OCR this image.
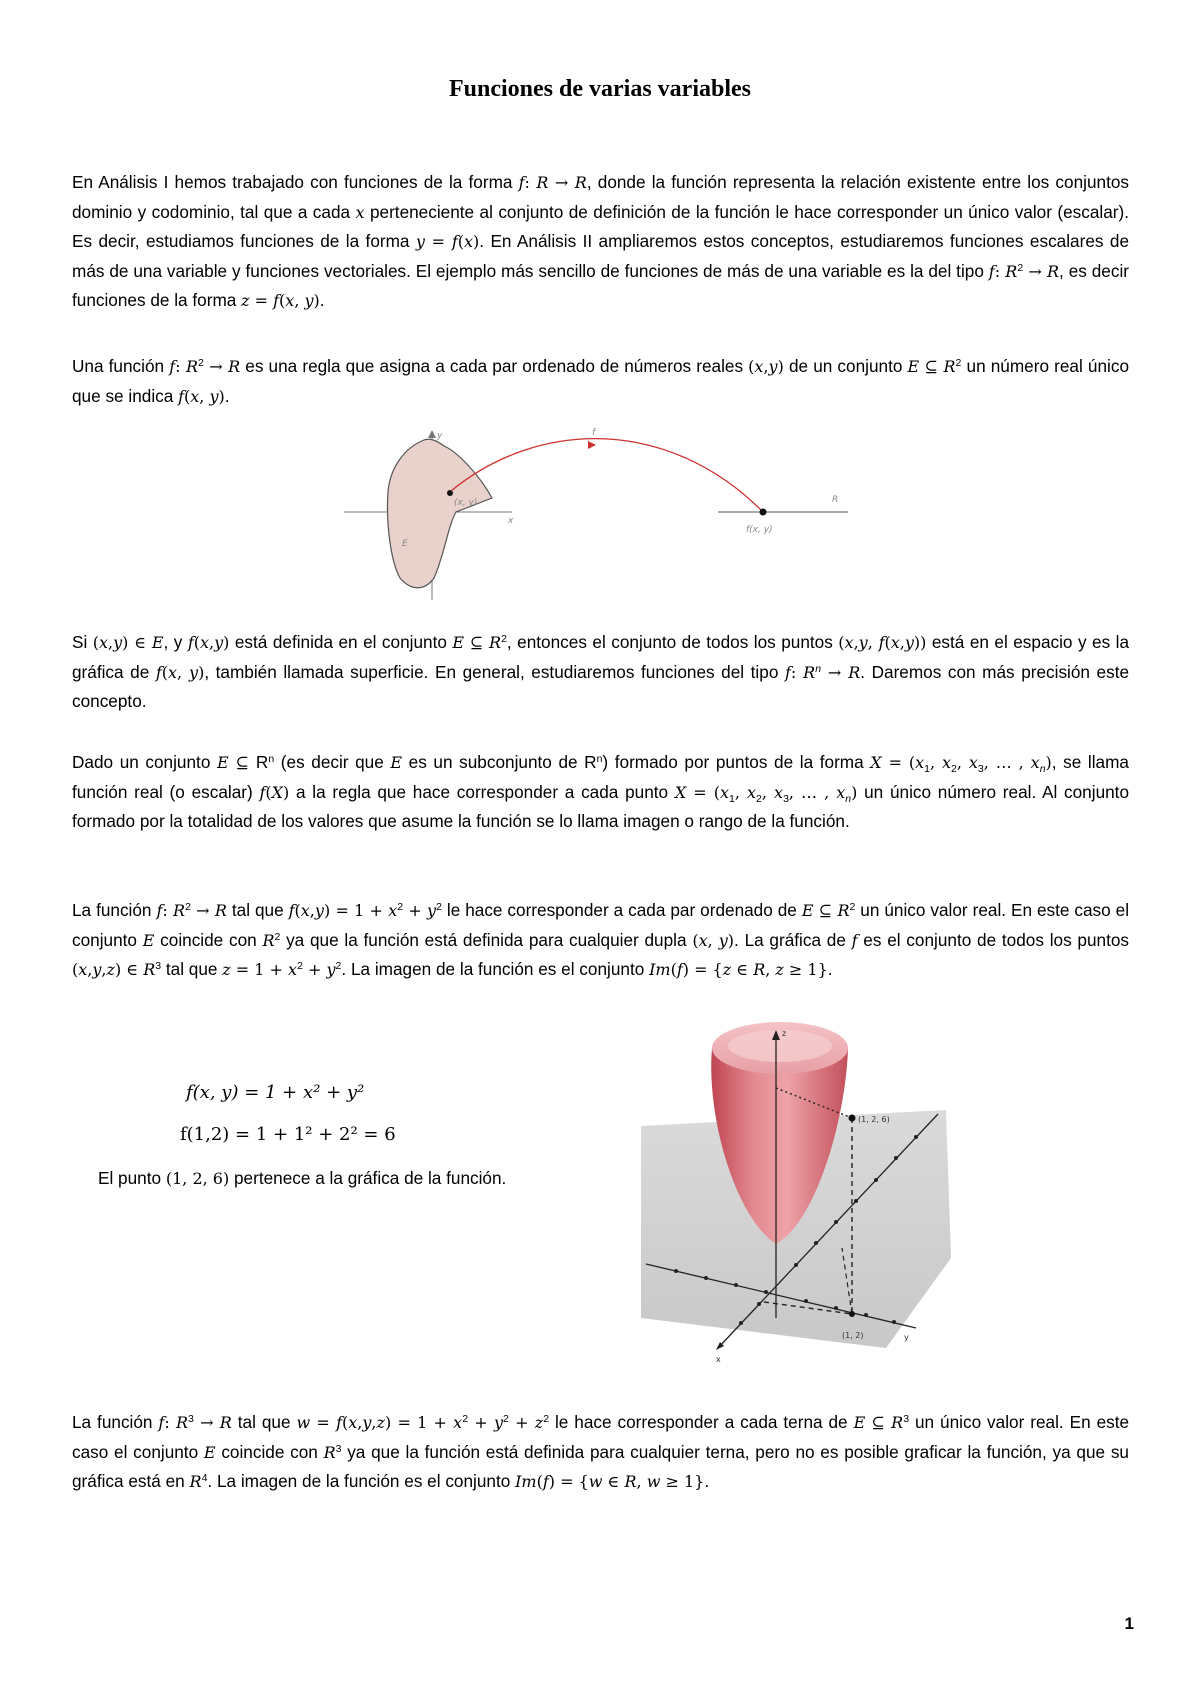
Funciones de varias variables
En Análisis I hemos trabajado con funciones de la forma f: R → R, donde la función representa la relación existente entre los conjuntos dominio y codominio, tal que a cada x perteneciente al conjunto de definición de la función le hace corresponder un único valor (escalar). Es decir, estudiamos funciones de la forma y = f(x). En Análisis II ampliaremos estos conceptos, estudiaremos funciones escalares de más de una variable y funciones vectoriales. El ejemplo más sencillo de funciones de más de una variable es la del tipo f: $R^2 \to R$, es decir funciones de la forma z = f(x, y).
Una función f: $R^2 \to R$ es una regla que asigna a cada par ordenado de números reales (x,y) de un conjunto E ⊆ $R^2$ un número real único que se indica f(x, y).
y
x
E
(x, y)
f
R
f(x, y)
Si (x,y) ∈ E, y f(x,y) está definida en el conjunto E ⊆ $R^2$, entonces el conjunto de todos los puntos (x,y, f(x,y)) está en el espacio y es la gráfica de f(x, y), también llamada superficie. En general, estudiaremos funciones del tipo f: $R^n \to R$. Daremos con más precisión este concepto.
Dado un conjunto E ⊆ $R^n$ (es decir que E es un subconjunto de $R^n$) formado por puntos de la forma $X = (x_1$, $x_2$, $x_3$, … , $x_n$), se llama función real (o escalar) f(X) a la regla que hace corresponder a cada punto $X = (x_1$, $x_2$, $x_3$, … , $x_n$) un único número real. Al conjunto formado por la totalidad de los valores que asume la función se lo llama imagen o rango de la función.
La función f: $R^2 \to R$ tal que $f(x,y) = 1 + x^2 + y^2$ le hace corresponder a cada par ordenado de E ⊆ $R^2$ un único valor real. En este caso el conjunto E coincide con $R^2$ ya que la función está definida para cualquier dupla (x, y). La gráfica de f es el conjunto de todos los puntos (x,y,z) ∈ $R^3$ tal que $z = 1 + x^2 + y^2$. La imagen de la función es el conjunto Im(f) = {z ∈ R, z ≥ 1}.
f(x, y) = 1 + x² + y²
f(1,2) = 1 + 1² + 2² = 6
El punto (1, 2, 6) pertenece a la gráfica de la función.
z
x
y
(1, 2, 6)
(1, 2)
La función f: $R^3 \to R$ tal que $w = f(x,y,z) = 1 + x^2 + y^2 + z^2$ le hace corresponder a cada terna de E ⊆ $R^3$ un único valor real. En este caso el conjunto E coincide con $R^3$ ya que la función está definida para cualquier terna, pero no es posible graficar la función, ya que su gráfica está en $R^4$. La imagen de la función es el conjunto Im(f) = {w ∈ R, w ≥ 1}.
1
